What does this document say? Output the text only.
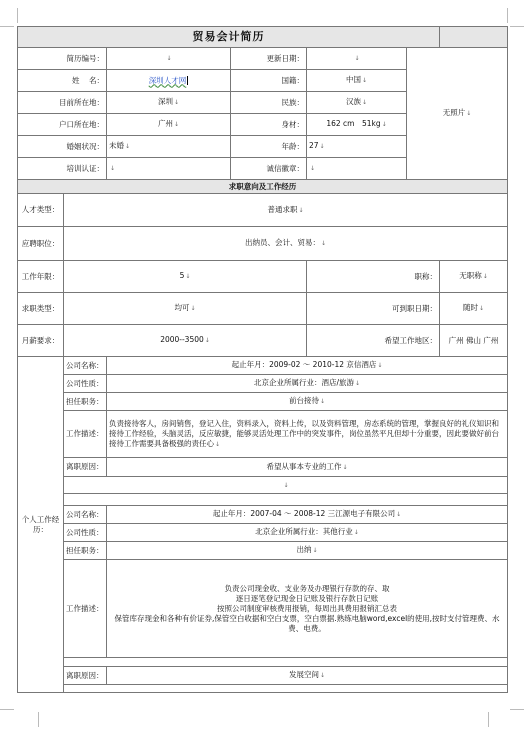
贸易会计简历						
简历编号：		↓	更新日期：	↓	无照片↓	
姓 名：		深圳人才网	国籍：	中国↓		
目前所在地：		深圳↓	民族：	汉族↓		
户口所在地：		广州↓	身材：	162 cm　51kg↓		
婚姻状况：		未婚↓	年龄：	27↓		
培训认证：		↓	诚信徽章：	↓		
求职意向及工作经历						
人才类型：	普通求职↓					
应聘职位：	出纳员、会计、贸易：↓					
工作年限：	5↓			职称：		无职称↓
求职类型：	均可↓			可到职日期：		随时↓
月薪要求：	2000--3500↓			希望工作地区：		广州 佛山 广州
个人工作经历：	公司名称：	起止年月：2009-02 ～ 2010-12 京信酒店↓				
	公司性质：	北京企业所属行业：酒店/旅游↓				
	担任职务：	前台接待↓				
	工作描述：	负责接待客人，房间销售，登记入住，资料录入，资料上传，以及资料管理，房态系统的管理，掌握良好的礼仪知识和接待工作经验，头脑灵活，反应敏捷，能够灵活处理工作中的突发事件，岗位虽然平凡但却十分重要，因此要做好前台接待工作需要具备极强的责任心↓				
	离职原因：	希望从事本专业的工作↓				
	↓					

	公司名称：	起止年月：2007-04 ～ 2008-12 三江源电子有限公司↓				
	公司性质：	北京企业所属行业：其他行业↓				
	担任职务：	出纳↓				
	工作描述：	负责公司现金收、支业务及办理银行存款的存、取
逐日逐笔登记现金日记账及银行存款日记账
按照公司制度审核费用报销，每周出具费用报销汇总表
保管库存现金和各种有价证券,保管空白收据和空白支票，空白票据.熟练电脑word,excel的使用,按时支付管理费、水费、电费。				

	离职原因：	发展空间↓				
